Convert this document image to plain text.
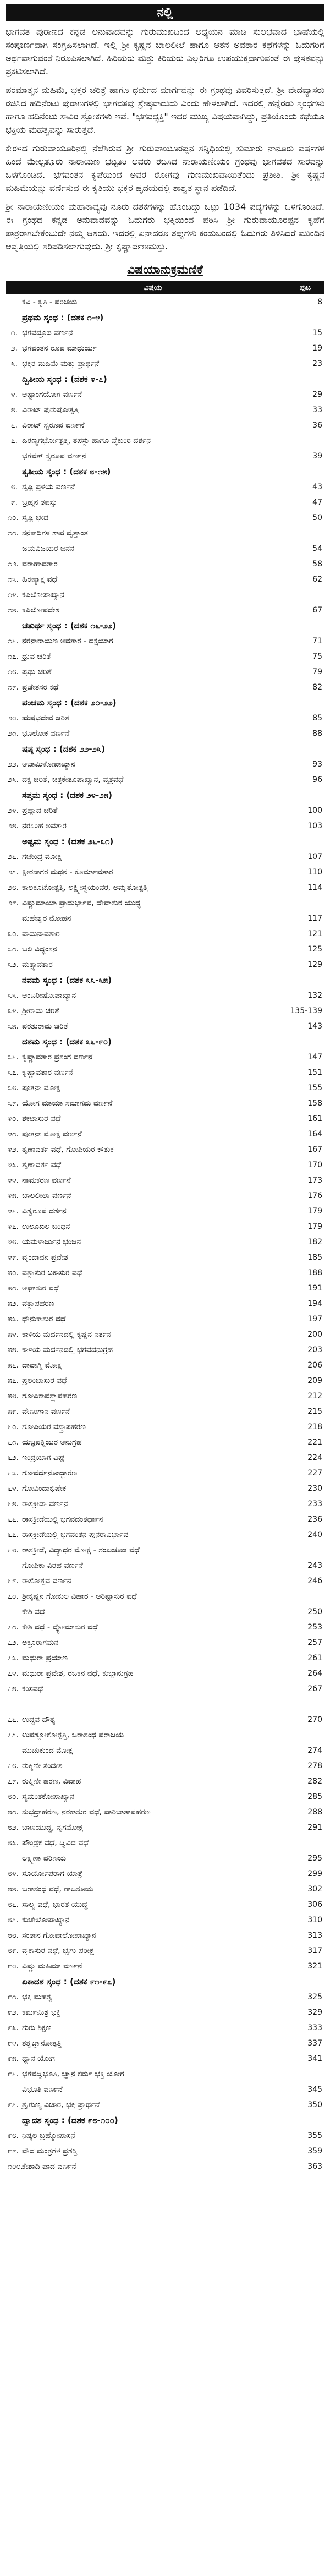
ನಲ್ಲಿ

ಭಾಗವತ ಪುರಾಣದ ಕನ್ನಡ ಅನುವಾದವನ್ನು ಗುರುಮುಖದಿಂದ ಅಧ್ಯಯನ ಮಾಡಿ ಸುಲಭವಾದ ಭಾಷೆಯಲ್ಲಿ ಸಂಪೂರ್ಣವಾಗಿ ಸಂಗ್ರಹಿಸಲಾಗಿದೆ. ಇಲ್ಲಿ ಶ್ರೀ ಕೃಷ್ಣನ ಬಾಲಲೀಲೆ ಹಾಗೂ ಆತನ ಅವತಾರ ಕಥೆಗಳನ್ನು ಓದುಗರಿಗೆ ಅರ್ಥವಾಗುವಂತೆ ನಿರೂಪಿಸಲಾಗಿದೆ. ಹಿರಿಯರು ಮತ್ತು ಕಿರಿಯರು ಎಲ್ಲರಿಗೂ ಉಪಯುಕ್ತವಾಗುವಂತೆ ಈ ಪುಸ್ತಕವನ್ನು ಪ್ರಕಟಿಸಲಾಗಿದೆ.

ಪರಮಾತ್ಮನ ಮಹಿಮೆ, ಭಕ್ತರ ಚರಿತ್ರೆ ಹಾಗೂ ಧರ್ಮದ ಮಾರ್ಗವನ್ನು ಈ ಗ್ರಂಥವು ವಿವರಿಸುತ್ತದೆ. ಶ್ರೀ ವೇದವ್ಯಾಸರು ರಚಿಸಿದ ಹದಿನೆಂಟು ಪುರಾಣಗಳಲ್ಲಿ ಭಾಗವತವು ಶ್ರೇಷ್ಠವಾದುದು ಎಂದು ಹೇಳಲಾಗಿದೆ. ಇದರಲ್ಲಿ ಹನ್ನೆರಡು ಸ್ಕಂಧಗಳು ಹಾಗೂ ಹದಿನೆಂಟು ಸಾವಿರ ಶ್ಲೋಕಗಳು ಇವೆ. "ಭಗವದ್ಭಕ್ತಿ" ಇದರ ಮುಖ್ಯ ವಿಷಯವಾಗಿದ್ದು, ಪ್ರತಿಯೊಂದು ಕಥೆಯೂ ಭಕ್ತಿಯ ಮಹತ್ವವನ್ನು ಸಾರುತ್ತದೆ.

ಕೇರಳದ ಗುರುವಾಯೂರಿನಲ್ಲಿ ನೆಲೆಸಿರುವ ಶ್ರೀ ಗುರುವಾಯೂರಪ್ಪನ ಸನ್ನಿಧಿಯಲ್ಲಿ ಸುಮಾರು ನಾನೂರು ವರ್ಷಗಳ ಹಿಂದೆ ಮೇಲ್ಪತ್ತೂರು ನಾರಾಯಣ ಭಟ್ಟತಿರಿ ಅವರು ರಚಿಸಿದ ನಾರಾಯಣೀಯಂ ಗ್ರಂಥವು ಭಾಗವತದ ಸಾರವನ್ನು ಒಳಗೊಂಡಿದೆ. ಭಗವಂತನ ಕೃಪೆಯಿಂದ ಅವರ ರೋಗವು ಗುಣಮುಖವಾಯಿತೆಂದು ಪ್ರತೀತಿ. ಶ್ರೀ ಕೃಷ್ಣನ ಮಹಿಮೆಯನ್ನು ವರ್ಣಿಸುವ ಈ ಕೃತಿಯು ಭಕ್ತರ ಹೃದಯದಲ್ಲಿ ಶಾಶ್ವತ ಸ್ಥಾನ ಪಡೆದಿದೆ.

ಶ್ರೀ ನಾರಾಯಣೀಯಂ ಮಹಾಕಾವ್ಯವು ನೂರು ದಶಕಗಳನ್ನು ಹೊಂದಿದ್ದು ಒಟ್ಟು 1034 ಪದ್ಯಗಳನ್ನು ಒಳಗೊಂಡಿದೆ. ಈ ಗ್ರಂಥದ ಕನ್ನಡ ಅನುವಾದವನ್ನು ಓದುಗರು ಭಕ್ತಿಯಿಂದ ಪಠಿಸಿ ಶ್ರೀ ಗುರುವಾಯೂರಪ್ಪನ ಕೃಪೆಗೆ ಪಾತ್ರರಾಗಬೇಕೆಂಬುದೇ ನಮ್ಮ ಆಶಯ. ಇದರಲ್ಲಿ ಏನಾದರೂ ತಪ್ಪುಗಳು ಕಂಡುಬಂದಲ್ಲಿ ಓದುಗರು ತಿಳಿಸಿದರೆ ಮುಂದಿನ ಆವೃತ್ತಿಯಲ್ಲಿ ಸರಿಪಡಿಸಲಾಗುವುದು. ಶ್ರೀ ಕೃಷ್ಣಾರ್ಪಣಮಸ್ತು.

ವಿಷಯಾನುಕ್ರಮಣಿಕೆ
	ವಿಷಯ	ಪುಟ
	ಕವಿ - ಕೃತಿ - ಪರಿಚಯ	8
	ಪ್ರಥಮ ಸ್ಕಂಧ : (ದಶಕ ೧-೪)	
೧.	ಭಗವದ್ರೂಪ ವರ್ಣನೆ	15
೨.	ಭಗವಂತನ ರೂಪ ಮಾಧುರ್ಯ	19
೩.	ಭಕ್ತರ ಮಹಿಮೆ ಮತ್ತು ಪ್ರಾರ್ಥನೆ	23
	ದ್ವಿತೀಯ ಸ್ಕಂಧ : (ದಶಕ ೪-೭)	
೪.	ಅಷ್ಟಾಂಗಯೋಗ ವರ್ಣನೆ	29
೫.	ವಿರಾಟ್ ಪುರುಷೋತ್ಪತ್ತಿ	33
೬.	ವಿರಾಟ್ ಸ್ವರೂಪ ವರ್ಣನೆ	36
೭.	ಹಿರಣ್ಯಗರ್ಭೋತ್ಪತ್ತಿ, ತಪಸ್ಸು ಹಾಗೂ ವೈಕುಂಠ ದರ್ಶನ	
	ಭಗವತ್ ಸ್ವರೂಪ ವರ್ಣನೆ	39
	ತೃತೀಯ ಸ್ಕಂಧ : (ದಶಕ ೮-೧೫)	
೮.	ಸೃಷ್ಟಿ ಪ್ರಳಯ ವರ್ಣನೆ	43
೯.	ಬ್ರಹ್ಮನ ತಪಸ್ಸು	47
೧೦.	ಸೃಷ್ಟಿ ಭೇದ	50
೧೧.	ಸನಕಾದಿಗಳ ಶಾಪ ವೃತ್ತಾಂತ	
	ಜಯವಿಜಯರ ಜನನ	54
೧೨.	ವರಾಹಾವತಾರ	58
೧೩.	ಹಿರಣ್ಯಾಕ್ಷ ವಧೆ	62
೧೪.	ಕಪಿಲೋಪಾಖ್ಯಾನ	
೧೫.	ಕಪಿಲೋಪದೇಶ	67
	ಚತುರ್ಥ ಸ್ಕಂಧ : (ದಶಕ ೧೬-೨೨)	
೧೬.	ನರನಾರಾಯಣ ಅವತಾರ - ದಕ್ಷಯಾಗ	71
೧೭.	ಧ್ರುವ ಚರಿತೆ	75
೧೮.	ಪೃಥು ಚರಿತೆ	79
೧೯.	ಪ್ರಚೇತಸರ ಕಥೆ	82
	ಪಂಚಮ ಸ್ಕಂಧ : (ದಶಕ ೨೦-೨೨)	
೨೦.	ಋಷಭದೇವ ಚರಿತೆ	85
೨೧.	ಭೂಲೋಕ ವರ್ಣನೆ	88
	ಷಷ್ಠ ಸ್ಕಂಧ : (ದಶಕ ೨೨-೨೩)	
೨೨.	ಅಜಾಮಿಳೋಪಾಖ್ಯಾನ	93
೨೩.	ದಕ್ಷ ಚರಿತೆ, ಚಿತ್ರಕೇತೂಪಾಖ್ಯಾನ, ವೃತ್ರವಧೆ	96
	ಸಪ್ತಮ ಸ್ಕಂಧ : (ದಶಕ ೨೪-೨೫)	
೨೪.	ಪ್ರಹ್ಲಾದ ಚರಿತೆ	100
೨೫.	ನರಸಿಂಹ ಅವತಾರ	103
	ಅಷ್ಟಮ ಸ್ಕಂಧ : (ದಶಕ ೨೬-೩೧)	
೨೬.	ಗಜೇಂದ್ರ ಮೋಕ್ಷ	107
೨೭.	ಕ್ಷೀರಸಾಗರ ಮಥನ - ಕೂರ್ಮಾವತಾರ	110
೨೮.	ಕಾಲಕೂಟೋತ್ಪತ್ತಿ, ಲಕ್ಷ್ಮೀಸ್ವಯಂವರ, ಅಮೃತೋತ್ಪತ್ತಿ	114
೨೯.	ವಿಷ್ಣುಮಾಯಾ ಪ್ರಾದುರ್ಭಾವ, ದೇವಾಸುರ ಯುದ್ಧ	
	ಮಹೇಶ್ವರ ಮೋಹನ	117
೩೦.	ವಾಮನಾವತಾರ	121
೩೧.	ಬಲಿ ವಿದ್ಧಂಸನ	125
೩೨.	ಮತ್ಸ್ಯಾವತಾರ	129
	ನವಮ ಸ್ಕಂಧ : (ದಶಕ ೩೩-೩೫)	
೩೩.	ಅಂಬರೀಷೋಪಾಖ್ಯಾನ	132
೩೪.	ಶ್ರೀರಾಮ ಚರಿತೆ	135-139
೩೫.	ಪರಶುರಾಮ ಚರಿತೆ	143
	ದಶಮ ಸ್ಕಂಧ : (ದಶಕ ೩೬-೯೦)	
೩೬.	ಕೃಷ್ಣಾವತಾರ ಪ್ರಸಂಗ ವರ್ಣನೆ	147
೩೭.	ಕೃಷ್ಣಾವತಾರ ವರ್ಣನೆ	151
೩೮.	ಪೂತನಾ ಮೋಕ್ಷ	155
೩೯.	ಯೋಗ ಮಾಯಾ ಸಮಾಗಮ ವರ್ಣನೆ	158
೪೦.	ಶಕಟಾಸುರ ವಧೆ	161
೪೧.	ಪೂತನಾ ಮೋಕ್ಷ ವರ್ಣನೆ	164
೪೨.	ತೃಣಾವರ್ತ ವಧೆ, ಗೋಪಿಯರ ಕೌತುಕ	167
೪೩.	ತೃಣಾವರ್ತ ವಧೆ	170
೪೪.	ನಾಮಕರಣ ವರ್ಣನೆ	173
೪೫.	ಬಾಲಲೀಲಾ ವರ್ಣನೆ	176
೪೬.	ವಿಶ್ವರೂಪ ದರ್ಶನ	179
೪೭.	ಉಲೂಖಲ ಬಂಧನ	179
೪೮.	ಯಮಳಾರ್ಜುನ ಭಂಜನ	182
೪೯.	ವೃಂದಾವನ ಪ್ರವೇಶ	185
೫೦.	ವತ್ಸಾಸುರ ಬಕಾಸುರ ವಧೆ	188
೫೧.	ಅಘಾಸುರ ವಧೆ	191
೫೨.	ವತ್ಸಾಪಹರಣ	194
೫೩.	ಧೇನುಕಾಸುರ ವಧೆ	197
೫೪.	ಕಾಳಿಯ ಮರ್ದನದಲ್ಲಿ ಕೃಷ್ಣನ ನರ್ತನ	200
೫೫.	ಕಾಳಿಯ ಮರ್ದನದಲ್ಲಿ ಭಗವದನುಗ್ರಹ	203
೫೬.	ದಾವಾಗ್ನಿ ಮೋಕ್ಷ	206
೫೭.	ಪ್ರಲಂಬಾಸುರ ವಧೆ	209
೫೮.	ಗೋಪಿಕಾವಸ್ತ್ರಾಪಹರಣ	212
೫೯.	ವೇಣುಗಾನ ವರ್ಣನೆ	215
೬೦.	ಗೋಪಿಯರ ವಸ್ತ್ರಾಪಹರಣ	218
೬೧.	ಯಜ್ಞಪತ್ನಿಯರ ಅನುಗ್ರಹ	221
೬೨.	ಇಂದ್ರಯಾಗ ವಿಘ್ನ	224
೬೩.	ಗೋವರ್ಧನೋದ್ಧಾರಣ	227
೬೪.	ಗೋವಿಂದಾಭಿಷೇಕ	230
೬೫.	ರಾಸಕ್ರೀಡಾ ವರ್ಣನೆ	233
೬೬.	ರಾಸಕ್ರೀಡೆಯಲ್ಲಿ ಭಗವದಂತರ್ಧಾನ	236
೬೭.	ರಾಸಕ್ರೀಡೆಯಲ್ಲಿ ಭಗವಂತನ ಪುನರಾವಿರ್ಭಾವ	240
೬೮.	ರಾಸಕ್ರೀಡೆ, ವಿದ್ಯಾಧರ ಮೋಕ್ಷ - ಶಂಖಚೂಡ ವಧೆ	
	ಗೋಪಿಕಾ ವಿರಹ ವರ್ಣನೆ	243
೬೯.	ರಾಸೋತ್ಸವ ವರ್ಣನೆ	246
೭೦.	ಶ್ರೀಕೃಷ್ಣನ ಗೋಕುಲ ವಿಹಾರ - ಅರಿಷ್ಟಾಸುರ ವಧೆ	
	ಕೇಶಿ ವಧೆ	250
೭೧.	ಕೇಶಿ ವಧೆ - ವ್ಯೋಮಾಸುರ ವಧೆ	253
೭೨.	ಅಕ್ರೂರಾಗಮನ	257
೭೩.	ಮಧುರಾ ಪ್ರಯಾಣ	261
೭೪.	ಮಧುರಾ ಪ್ರವೇಶ, ರಜಕನ ವಧೆ, ಕುಬ್ಜಾನುಗ್ರಹ	264
೭೫.	ಕಂಸವಧೆ	267

೭೬.	ಉದ್ಧವ ದೌತ್ಯ	270
೭೭.	ಉಪಶ್ಲೋಕೋತ್ಪತ್ತಿ, ಜರಾಸಂಧ ಪರಾಜಯ	
	ಮುಚುಕುಂದ ಮೋಕ್ಷ	274
೭೮.	ರುಕ್ಮಿಣೀ ಸಂದೇಶ	278
೭೯.	ರುಕ್ಮಿಣೀ ಹರಣ, ವಿವಾಹ	282
೮೦.	ಸ್ಯಮಂತಕೋಪಾಖ್ಯಾನ	285
೮೧.	ಸುಭದ್ರಾಹರಣ, ನರಕಾಸುರ ವಧೆ, ಪಾರಿಜಾತಾಪಹರಣ	288
೮೨.	ಬಾಣಯುದ್ಧ, ನೃಗಮೋಕ್ಷ	291
೮೩.	ಪೌಂಡ್ರಕ ವಧೆ, ದ್ವಿವಿದ ವಧೆ	
	ಲಕ್ಷ್ಮಣಾ ಪರಿಣಯ	295
೮೪.	ಸೂರ್ಯೋಪರಾಗ ಯಾತ್ರೆ	299
೮೫.	ಜರಾಸಂಧ ವಧೆ, ರಾಜಸೂಯ	302
೮೬.	ಸಾಲ್ವ ವಧೆ, ಭಾರತ ಯುದ್ಧ	306
೮೭.	ಕುಚೇಲೋಪಾಖ್ಯಾನ	310
೮೮.	ಸಂತಾನ ಗೋಪಾಲೋಪಾಖ್ಯಾನ	313
೮೯.	ವೃಕಾಸುರ ವಧೆ, ಭೃಗು ಪರೀಕ್ಷೆ	317
೯೦.	ವಿಷ್ಣು ಮಹಿಮಾ ವರ್ಣನೆ	321
	ಏಕಾದಶ ಸ್ಕಂಧ : (ದಶಕ ೯೧-೯೭)	
೯೧.	ಭಕ್ತಿ ಮಹತ್ವ	325
೯೨.	ಕರ್ಮಮಿಶ್ರ ಭಕ್ತಿ	329
೯೩.	ಗುರು ಶಿಕ್ಷಣ	333
೯೪.	ತತ್ವಜ್ಞಾನೋತ್ಪತ್ತಿ	337
೯೫.	ಧ್ಯಾನ ಯೋಗ	341
೯೬.	ಭಗವದ್ವಿಭೂತಿ, ಜ್ಞಾನ ಕರ್ಮ ಭಕ್ತಿ ಯೋಗ	
	ವಿಭೂತಿ ವರ್ಣನೆ	345
೯೭.	ತ್ರೈಗುಣ್ಯ ವಿಚಾರ, ಭಕ್ತಿ ಪ್ರಾರ್ಥನೆ	350
	ದ್ವಾದಶ ಸ್ಕಂಧ : (ದಶಕ ೯೮-೧೦೦)	
೯೮.	ನಿಷ್ಕಲ ಬ್ರಹ್ಮೋಪಾಸನೆ	355
೯೯.	ವೇದ ಮಂತ್ರಗಳ ಪ್ರಶಸ್ತಿ	359
೧೦೦.	ಕೇಶಾದಿ ಪಾದ ವರ್ಣನೆ	363
